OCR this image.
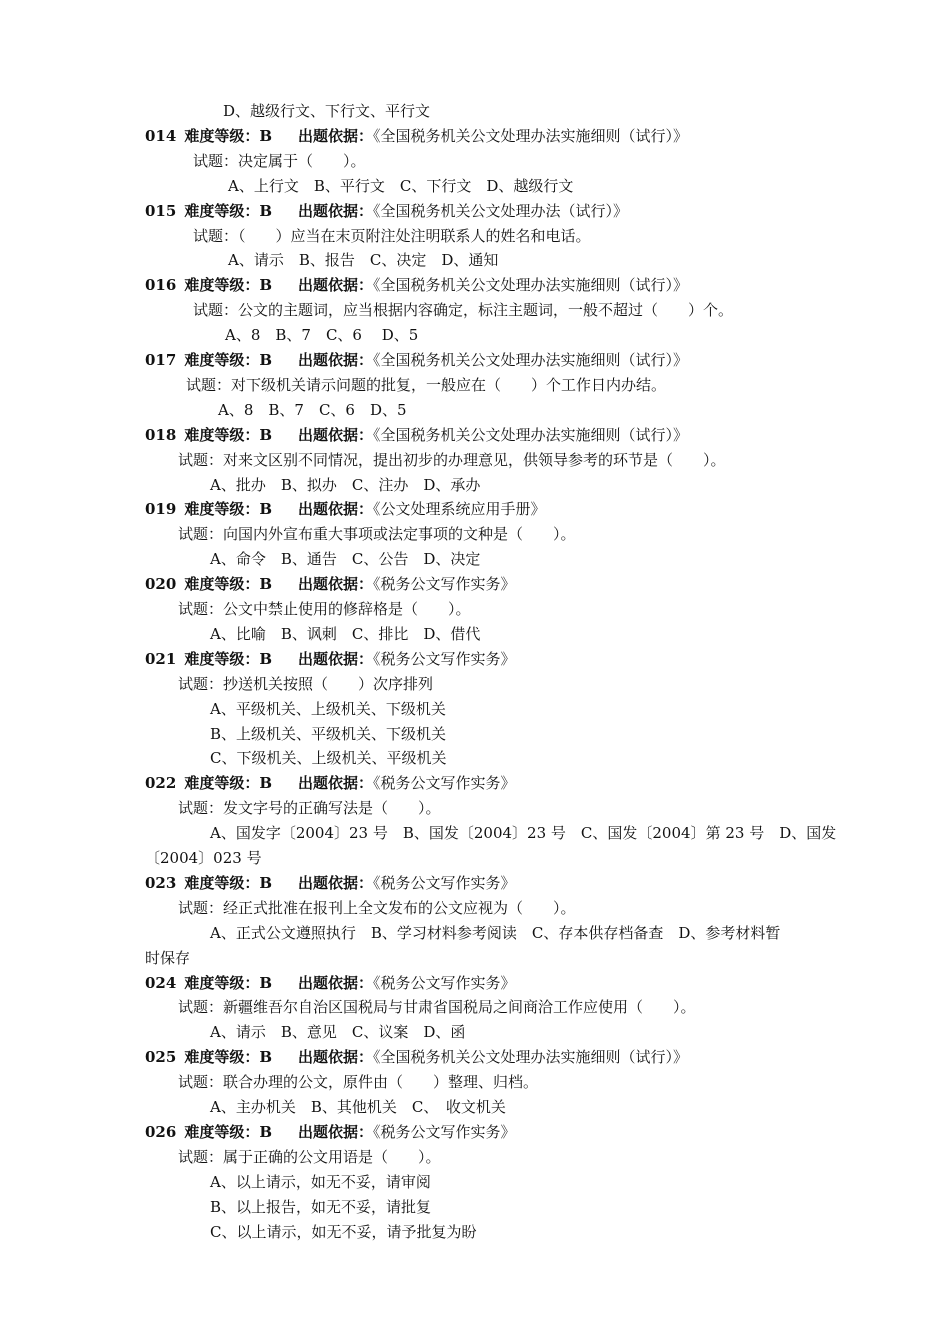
D、越级行文、下行文、平行文
014 难度等级：B 出题依据：《全国税务机关公文处理办法实施细则（试行）》
试题：决定属于（　　）。
A、上行文　B、平行文　C、下行文　D、越级行文
015 难度等级：B 出题依据：《全国税务机关公文处理办法（试行）》
试题：（　　）应当在末页附注处注明联系人的姓名和电话。
A、请示　B、报告　C、决定　D、通知
016 难度等级：B 出题依据：《全国税务机关公文处理办法实施细则（试行）》
试题：公文的主题词，应当根据内容确定，标注主题词，一般不超过（　　）个。
A、8　B、7　C、6　 D、5
017 难度等级：B 出题依据：《全国税务机关公文处理办法实施细则（试行）》
试题：对下级机关请示问题的批复，一般应在（　　）个工作日内办结。
A、8　B、7　C、6　D、5
018 难度等级：B 出题依据：《全国税务机关公文处理办法实施细则（试行）》
试题：对来文区别不同情况，提出初步的办理意见，供领导参考的环节是（　　）。
A、批办　B、拟办　C、注办　D、承办
019 难度等级：B 出题依据：《公文处理系统应用手册》
试题：向国内外宣布重大事项或法定事项的文种是（　　）。
A、命令　B、通告　C、公告　D、决定
020 难度等级：B 出题依据：《税务公文写作实务》
试题：公文中禁止使用的修辞格是（　　）。
A、比喻　B、讽刺　C、排比　D、借代
021 难度等级：B 出题依据：《税务公文写作实务》
试题：抄送机关按照（　　）次序排列
A、平级机关、上级机关、下级机关
B、上级机关、平级机关、下级机关
C、下级机关、上级机关、平级机关
022 难度等级：B 出题依据：《税务公文写作实务》
试题：发文字号的正确写法是（　　）。
A、国发字〔2004〕23 号　B、国发〔2004〕23 号　C、国发〔2004〕第 23 号　D、国发
〔2004〕023 号
023 难度等级：B 出题依据：《税务公文写作实务》
试题：经正式批准在报刊上全文发布的公文应视为（　　）。
A、正式公文遵照执行　B、学习材料参考阅读　C、存本供存档备查　D、参考材料暂
时保存
024 难度等级：B 出题依据：《税务公文写作实务》
试题：新疆维吾尔自治区国税局与甘肃省国税局之间商洽工作应使用（　　）。
A、请示　B、意见　C、议案　D、函
025 难度等级：B 出题依据：《全国税务机关公文处理办法实施细则（试行）》
试题：联合办理的公文，原件由（　　）整理、归档。
A、主办机关　B、其他机关　C、　收文机关
026 难度等级：B 出题依据：《税务公文写作实务》
试题：属于正确的公文用语是（　　）。
A、以上请示，如无不妥，请审阅
B、以上报告，如无不妥，请批复
C、以上请示，如无不妥，请予批复为盼
